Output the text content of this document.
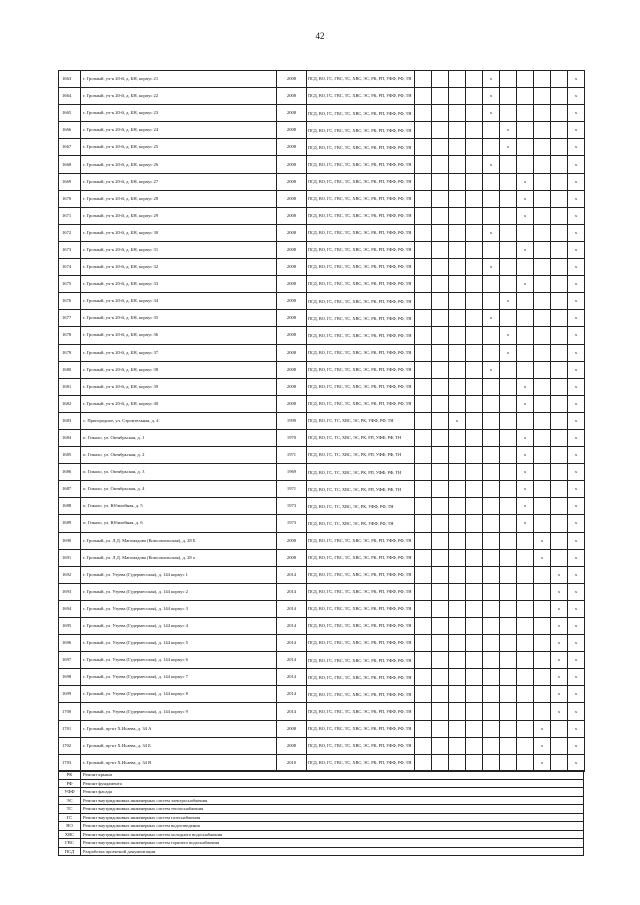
42
1663	г. Грозный, уч-к 20-й, д. БН, корпус 21	2008	ПСД, ВО, ГС, ГВС, ТС, ХВС, ЭС, РК, РП, УФФ, РФ, ТН					x					x
1664	г. Грозный, уч-к 20-й, д. БН, корпус 22	2008	ПСД, ВО, ГС, ГВС, ТС, ХВС, ЭС, РК, РП, УФФ, РФ, ТН					x					x
1665	г. Грозный, уч-к 20-й, д. БН, корпус 23	2008	ПСД, ВО, ГС, ГВС, ТС, ХВС, ЭС, РК, РП, УФФ, РФ, ТН					x					x
1666	г. Грозный, уч-к 20-й, д. БН, корпус 24	2008	ПСД, ВО, ГС, ГВС, ТС, ХВС, ЭС, РК, РП, УФФ, РФ, ТН						x				x
1667	г. Грозный, уч-к 20-й, д. БН, корпус 25	2008	ПСД, ВО, ГС, ГВС, ТС, ХВС, ЭС, РК, РП, УФФ, РФ, ТН						x				x
1668	г. Грозный, уч-к 20-й, д. БН, корпус 26	2008	ПСД, ВО, ГС, ГВС, ТС, ХВС, ЭС, РК, РП, УФФ, РФ, ТН					x					x
1669	г. Грозный, уч-к 20-й, д. БН, корпус 27	2008	ПСД, ВО, ГС, ГВС, ТС, ХВС, ЭС, РК, РП, УФФ, РФ, ТН							x			x
1670	г. Грозный, уч-к 20-й, д. БН, корпус 28	2008	ПСД, ВО, ГС, ГВС, ТС, ХВС, ЭС, РК, РП, УФФ, РФ, ТН							x			x
1671	г. Грозный, уч-к 20-й, д. БН, корпус 29	2008	ПСД, ВО, ГС, ГВС, ТС, ХВС, ЭС, РК, РП, УФФ, РФ, ТН							x			x
1672	г. Грозный, уч-к 20-й, д. БН, корпус 30	2008	ПСД, ВО, ГС, ГВС, ТС, ХВС, ЭС, РК, РП, УФФ, РФ, ТН					x					x
1673	г. Грозный, уч-к 20-й, д. БН, корпус 31	2008	ПСД, ВО, ГС, ГВС, ТС, ХВС, ЭС, РК, РП, УФФ, РФ, ТН							x			x
1674	г. Грозный, уч-к 20-й, д. БН, корпус 32	2008	ПСД, ВО, ГС, ГВС, ТС, ХВС, ЭС, РК, РП, УФФ, РФ, ТН					x					x
1675	г. Грозный, уч-к 20-й, д. БН, корпус 33	2008	ПСД, ВО, ГС, ГВС, ТС, ХВС, ЭС, РК, РП, УФФ, РФ, ТН							x			x
1676	г. Грозный, уч-к 20-й, д. БН, корпус 34	2008	ПСД, ВО, ГС, ГВС, ТС, ХВС, ЭС, РК, РП, УФФ, РФ, ТН						x				x
1677	г. Грозный, уч-к 20-й, д. БН, корпус 35	2008	ПСД, ВО, ГС, ГВС, ТС, ХВС, ЭС, РК, РП, УФФ, РФ, ТН					x					x
1678	г. Грозный, уч-к 20-й, д. БН, корпус 36	2008	ПСД, ВО, ГС, ГВС, ТС, ХВС, ЭС, РК, РП, УФФ, РФ, ТН						x				x
1679	г. Грозный, уч-к 20-й, д. БН, корпус 37	2008	ПСД, ВО, ГС, ГВС, ТС, ХВС, ЭС, РК, РП, УФФ, РФ, ТН						x				x
1680	г. Грозный, уч-к 20-й, д. БН, корпус 38	2008	ПСД, ВО, ГС, ГВС, ТС, ХВС, ЭС, РК, РП, УФФ, РФ, ТН					x					x
1681	г. Грозный, уч-к 20-й, д. БН, корпус 39	2008	ПСД, ВО, ГС, ГВС, ТС, ХВС, ЭС, РК, РП, УФФ, РФ, ТН							x			x
1682	г. Грозный, уч-к 20-й, д. БН, корпус 40	2008	ПСД, ВО, ГС, ГВС, ТС, ХВС, ЭС, РК, РП, УФФ, РФ, ТН							x			x
1683	с. Пригородное, ул. Строительная, д. 4	1999	ПСД, ВО, ГС, ТС, ХВС, ЭС, РК, УФФ, РФ, ТН			x							x
1684	п. Гикало, ул. Октябрьская, д. 1	1970	ПСД, ВО, ГС, ТС, ХВС, ЭС, РК, РП, УФФ, РФ, ТН							x			x
1685	п. Гикало, ул. Октябрьская, д. 2	1971	ПСД, ВО, ГС, ТС, ХВС, ЭС, РК, РП, УФФ, РФ, ТН							x			x
1686	п. Гикало, ул. Октябрьская, д. 3	1969	ПСД, ВО, ГС, ТС, ХВС, ЭС, РК, РП, УФФ, РФ, ТН							x			x
1687	п. Гикало, ул. Октябрьская, д. 4	1971	ПСД, ВО, ГС, ТС, ХВС, ЭС, РК, РП, УФФ, РФ, ТН							x			x
1688	п. Гикало, ул. Юбилейная, д. 5	1973	ПСД, ВО, ГС, ТС, ХВС, ЭС, РК, УФФ, РФ, ТН							x			x
1689	п. Гикало, ул. Юбилейная, д. 6	1973	ПСД, ВО, ГС, ТС, ХВС, ЭС, РК, УФФ, РФ, ТН							x			x
1690	г. Грозный, ул. Л.Д. Магомадова (Комсомольская), д. 28 Б	2008	ПСД, ВО, ГС, ГВС, ТС, ХВС, ЭС, РК, РП, УФФ, РФ, ТН								x		x
1691	г. Грозный, ул. Л.Д. Магомадова (Комсомольская), д. 28 а	2008	ПСД, ВО, ГС, ГВС, ТС, ХВС, ЭС, РК, РП, УФФ, РФ, ТН								x		x
1692	г. Грозный, ул. Узуева (Гудермесская), д. 144 корпус 1	2014	ПСД, ВО, ГС, ГВС, ТС, ХВС, ЭС, РК, РП, УФФ, РФ, ТН									x	x
1693	г. Грозный, ул. Узуева (Гудермесская), д. 144 корпус 2	2014	ПСД, ВО, ГС, ГВС, ТС, ХВС, ЭС, РК, РП, УФФ, РФ, ТН									x	x
1694	г. Грозный, ул. Узуева (Гудермесская), д. 144 корпус 3	2014	ПСД, ВО, ГС, ГВС, ТС, ХВС, ЭС, РК, РП, УФФ, РФ, ТН									x	x
1695	г. Грозный, ул. Узуева (Гудермесская), д. 144 корпус 4	2014	ПСД, ВО, ГС, ГВС, ТС, ХВС, ЭС, РК, РП, УФФ, РФ, ТН									x	x
1696	г. Грозный, ул. Узуева (Гудермесская), д. 144 корпус 5	2014	ПСД, ВО, ГС, ГВС, ТС, ХВС, ЭС, РК, РП, УФФ, РФ, ТН									x	x
1697	г. Грозный, ул. Узуева (Гудермесская), д. 144 корпус 6	2014	ПСД, ВО, ГС, ГВС, ТС, ХВС, ЭС, РК, РП, УФФ, РФ, ТН									x	x
1698	г. Грозный, ул. Узуева (Гудермесская), д. 144 корпус 7	2014	ПСД, ВО, ГС, ГВС, ТС, ХВС, ЭС, РК, РП, УФФ, РФ, ТН									x	x
1699	г. Грозный, ул. Узуева (Гудермесская), д. 144 корпус 8	2014	ПСД, ВО, ГС, ГВС, ТС, ХВС, ЭС, РК, РП, УФФ, РФ, ТН									x	x
1700	г. Грозный, ул. Узуева (Гудермесская), д. 144 корпус 9	2014	ПСД, ВО, ГС, ГВС, ТС, ХВС, ЭС, РК, РП, УФФ, РФ, ТН									x	x
1701	г. Грозный, пр-кт Х.Исаева, д. 34 А	2008	ПСД, ВО, ГС, ГВС, ТС, ХВС, ЭС, РК, РП, УФФ, РФ, ТН								x		x
1702	г. Грозный, пр-кт Х.Исаева, д. 34 Б	2008	ПСД, ВО, ГС, ГВС, ТС, ХВС, ЭС, РК, РП, УФФ, РФ, ТН								x		x
1703	г. Грозный, пр-кт Х.Исаева, д. 34 В	2010	ПСД, ВО, ГС, ГВС, ТС, ХВС, ЭС, РК, РП, УФФ, РФ, ТН								x		x
РК	Ремонт крыши
РФ	Ремонт фундамента
УФФ	Ремонт фасада
ЭС	Ремонт внутридомовых инженерных систем электроснабжения
ТС	Ремонт внутридомовых инженерных систем теплоснабжения
ГС	Ремонт внутридомовых инженерных систем газоснабжения
ВО	Ремонт внутридомовых инженерных систем водоотведения
ХВС	Ремонт внутридомовых инженерных систем холодного водоснабжения
ГВС	Ремонт внутридомовых инженерных систем горячего водоснабжения
ПСД	Разработка проектной документации
